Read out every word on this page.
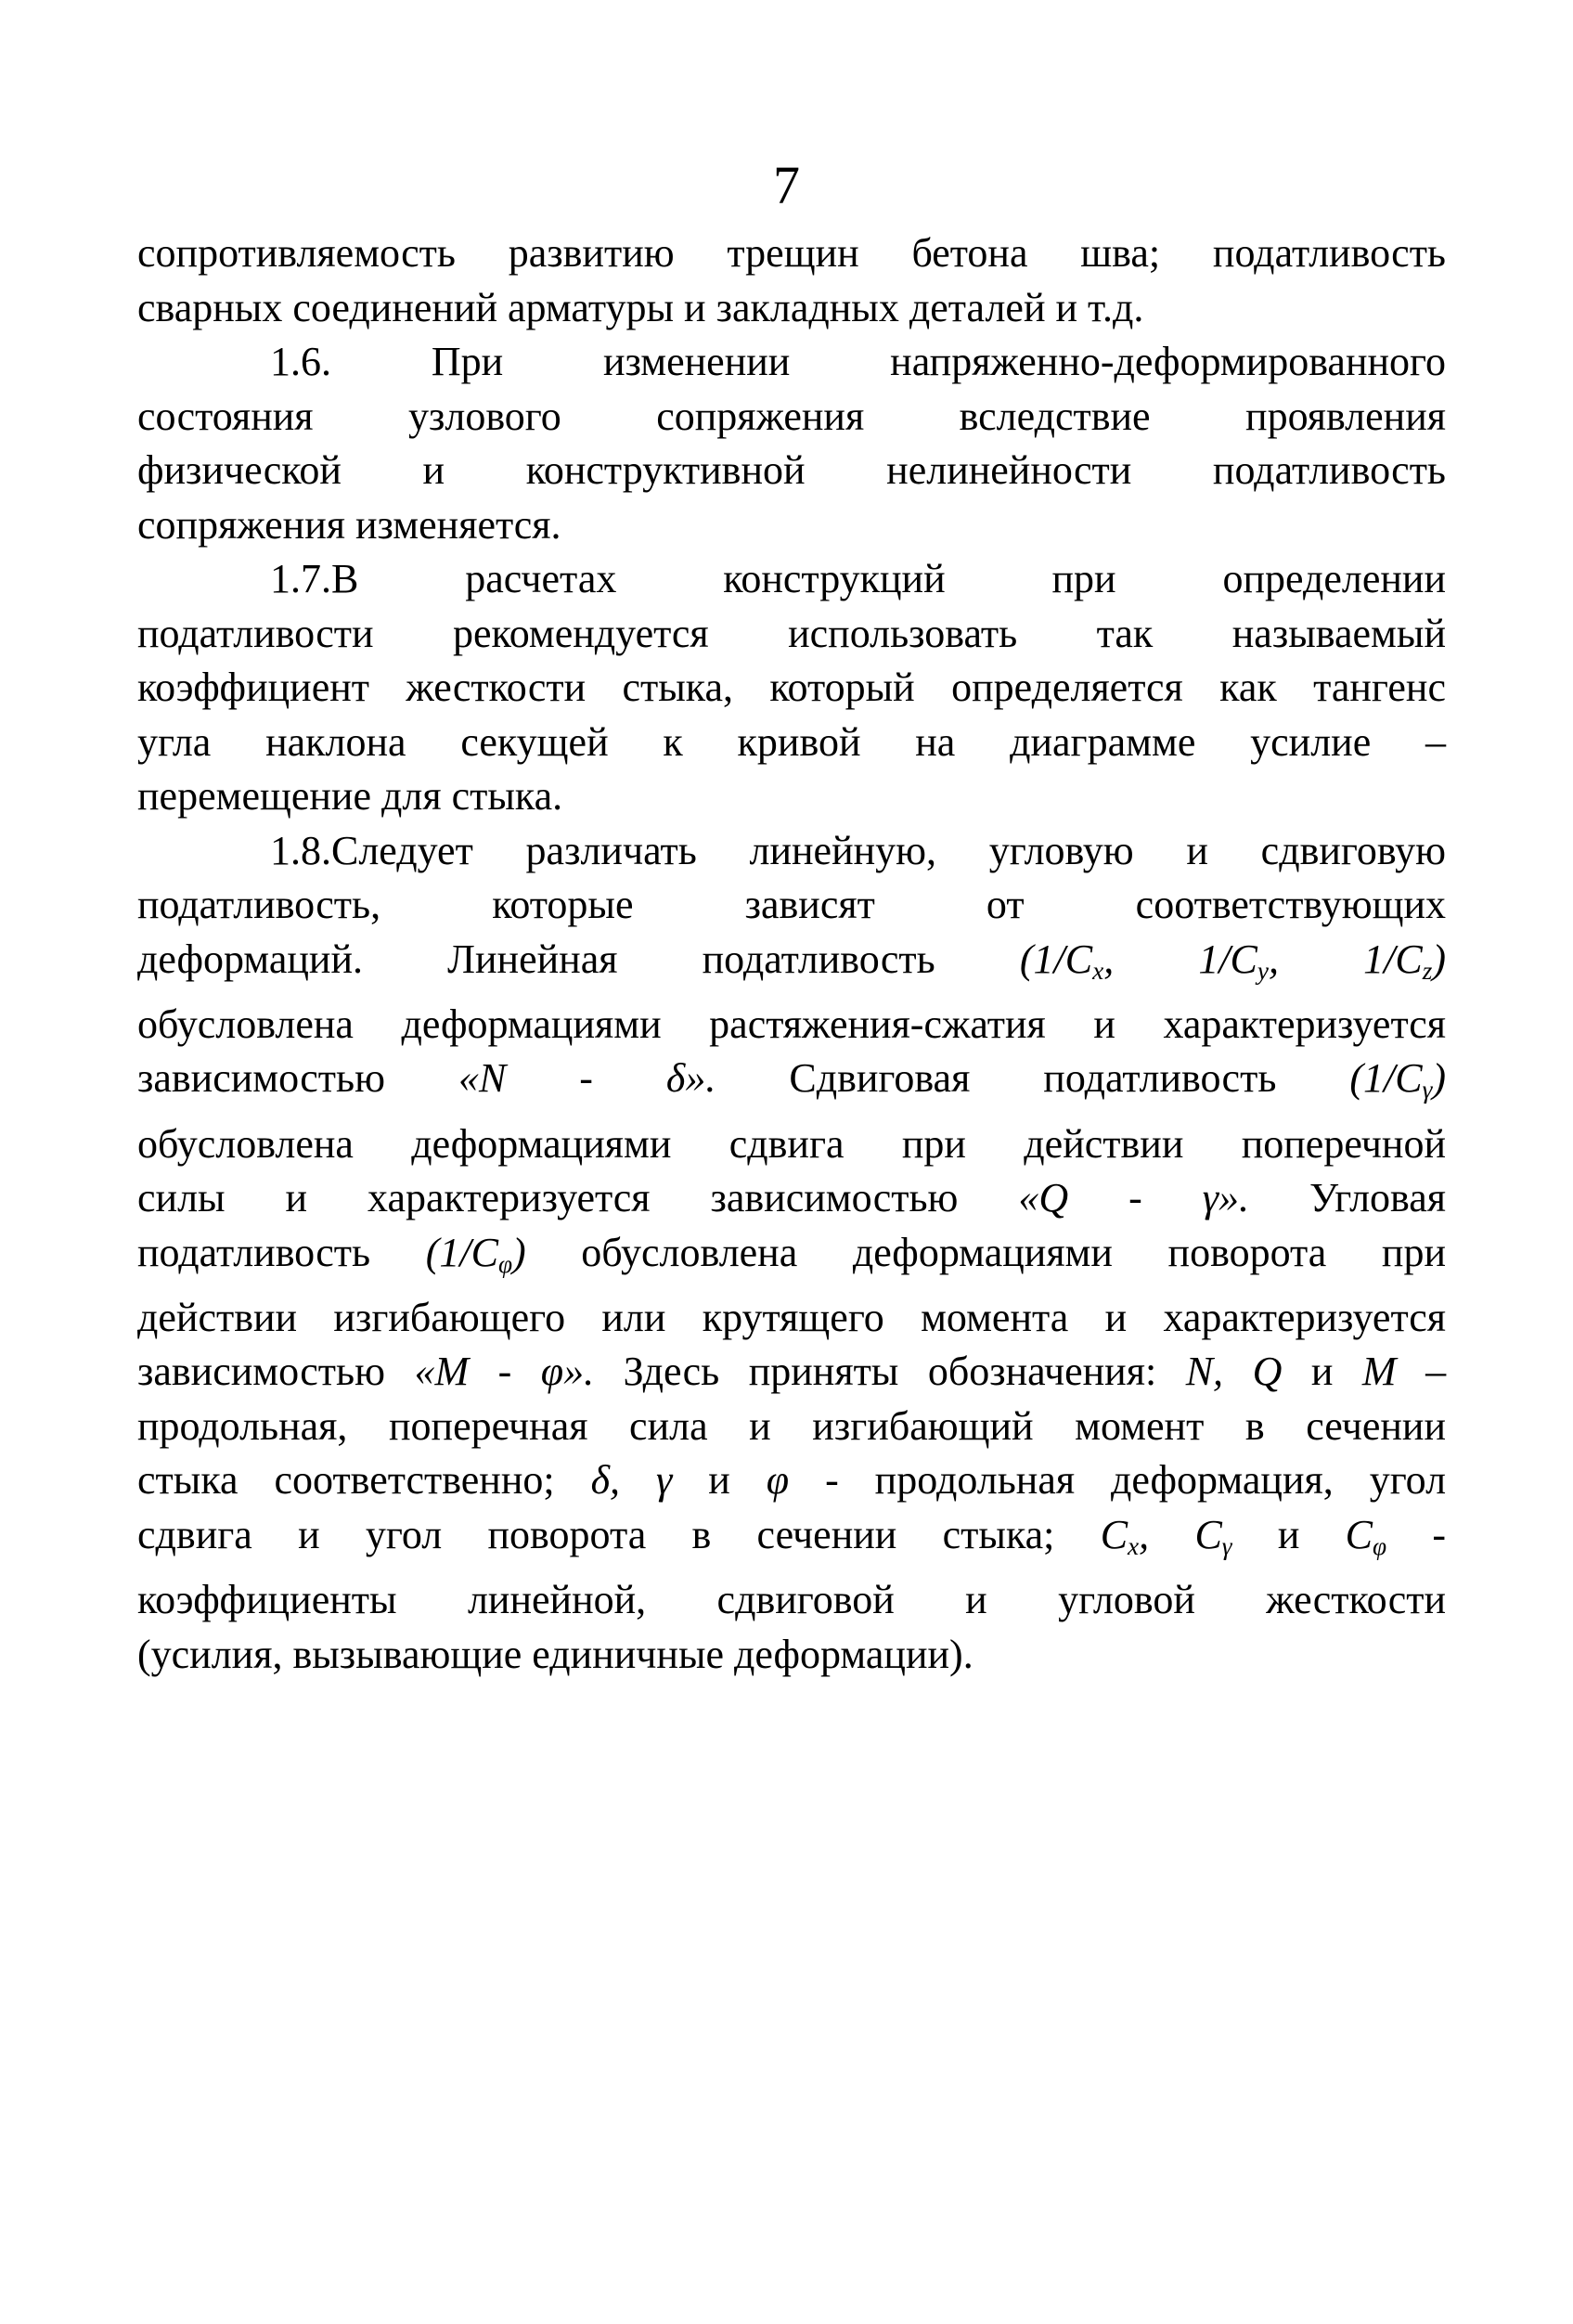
7
сопротивляемость развитию трещин бетона шва; податливость
сварных соединений арматуры и закладных деталей и т.д.
1.6. При изменении напряженно-деформированного
состояния узлового сопряжения вследствие проявления
физической и конструктивной нелинейности податливость
сопряжения изменяется.
1.7.В расчетах конструкций при определении
податливости рекомендуется использовать так называемый
коэффициент жесткости стыка, который определяется как тангенс
угла наклона секущей к кривой на диаграмме усилие –
перемещение для стыка.
1.8.Следует различать линейную, угловую и сдвиговую
податливость, которые зависят от соответствующих
деформаций. Линейная податливость ($1/C_x$, $1/C_y$, $1/C_z$)
обусловлена деформациями растяжения-сжатия и характеризуется
зависимостью «N - δ». Сдвиговая податливость $(1/C_\gamma)$
обусловлена деформациями сдвига при действии поперечной
силы и характеризуется зависимостью «Q - γ». Угловая
податливость $(1/C_\varphi)$ обусловлена деформациями поворота при
действии изгибающего или крутящего момента и характеризуется
зависимостью «M - φ». Здесь приняты обозначения: N, Q и M –
продольная, поперечная сила и изгибающий момент в сечении
стыка соответственно; δ, γ и φ - продольная деформация, угол
сдвига и угол поворота в сечении стыка; $C_x$, $C_\gamma$ и $C_\varphi$ -
коэффициенты линейной, сдвиговой и угловой жесткости
(усилия, вызывающие единичные деформации).
